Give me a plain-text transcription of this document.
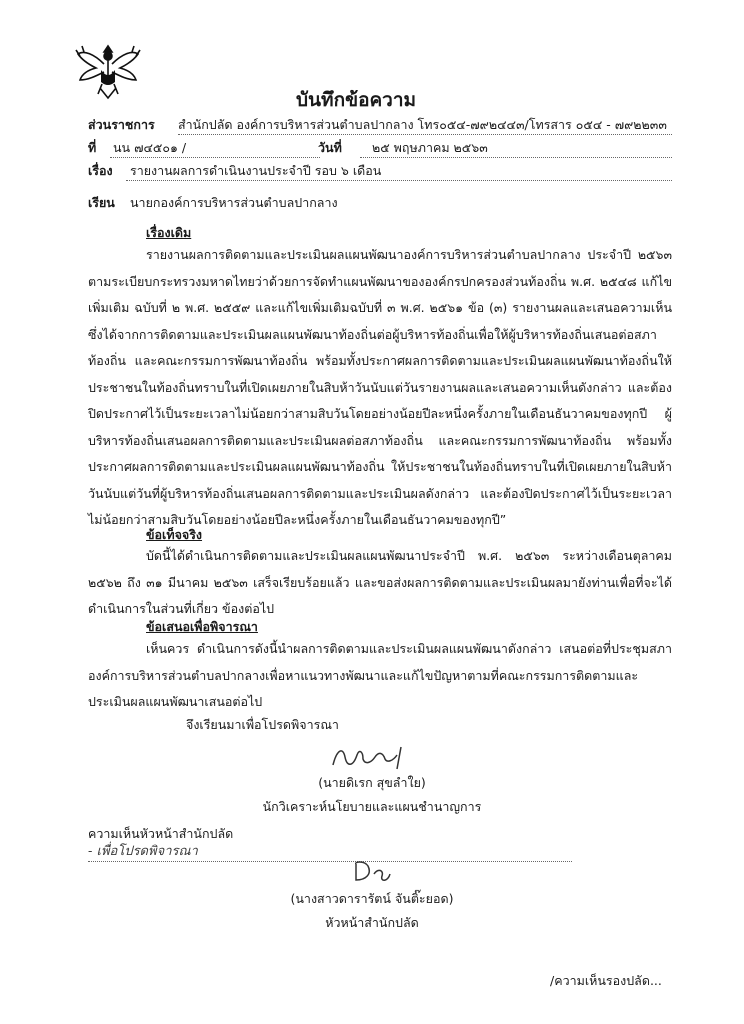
บันทึกข้อความ
ส่วนราชการ สำนักปลัด องค์การบริหารส่วนตำบลปากลาง โทร๐๕๔-๗๙๒๔๔๓/โทรสาร ๐๕๔ - ๗๙๒๒๓๓
ที่ นน ๗๔๕๐๑ /	วันที่ ๒๕ พฤษภาคม ๒๕๖๓
เรื่อง รายงานผลการดำเนินงานประจำปี รอบ ๖ เดือน
เรียน นายกองค์การบริหารส่วนตำบลปากลาง
เรื่องเดิม

รายงานผลการติดตามและประเมินผลแผนพัฒนาองค์การบริหารส่วนตำบลปากลาง ประจำปี ๒๕๖๓ ตามระเบียบกระทรวงมหาดไทยว่าด้วยการจัดทำแผนพัฒนาขององค์กรปกครองส่วนท้องถิ่น พ.ศ. ๒๕๔๘ แก้ไขเพิ่มเติม ฉบับที่ ๒ พ.ศ. ๒๕๕๙ และแก้ไขเพิ่มเติมฉบับที่ ๓ พ.ศ. ๒๕๖๑ ข้อ (๓) รายงานผลและเสนอความเห็นซึ่งได้จากการติดตามและประเมินผลแผนพัฒนาท้องถิ่นต่อผู้บริหารท้องถิ่นเพื่อให้ผู้บริหารท้องถิ่นเสนอต่อสภาท้องถิ่น และคณะกรรมการพัฒนาท้องถิ่น พร้อมทั้งประกาศผลการติดตามและประเมินผลแผนพัฒนาท้องถิ่นให้ประชาชนในท้องถิ่นทราบในที่เปิดเผยภายในสิบห้าวันนับแต่วันรายงานผลและเสนอความเห็นดังกล่าว และต้องปิดประกาศไว้เป็นระยะเวลาไม่น้อยกว่าสามสิบวันโดยอย่างน้อยปีละหนึ่งครั้งภายในเดือนธันวาคมของทุกปี ผู้บริหารท้องถิ่นเสนอผลการติดตามและประเมินผลต่อสภาท้องถิ่น และคณะกรรมการพัฒนาท้องถิ่น พร้อมทั้งประกาศผลการติดตามและประเมินผลแผนพัฒนาท้องถิ่น ให้ประชาชนในท้องถิ่นทราบในที่เปิดเผยภายในสิบห้าวันนับแต่วันที่ผู้บริหารท้องถิ่นเสนอผลการติดตามและประเมินผลดังกล่าว และต้องปิดประกาศไว้เป็นระยะเวลาไม่น้อยกว่าสามสิบวันโดยอย่างน้อยปีละหนึ่งครั้งภายในเดือนธันวาคมของทุกปี”

ข้อเท็จจริง

บัดนี้ได้ดำเนินการติดตามและประเมินผลแผนพัฒนาประจำปี พ.ศ. ๒๕๖๓ ระหว่างเดือนตุลาคม ๒๕๖๒ ถึง ๓๑ มีนาคม ๒๕๖๓ เสร็จเรียบร้อยแล้ว และขอส่งผลการติดตามและประเมินผลมายังท่านเพื่อที่จะได้ดำเนินการในส่วนที่เกี่ยว ข้องต่อไป

ข้อเสนอเพื่อพิจารณา

เห็นควร ดำเนินการดังนี้นำผลการติดตามและประเมินผลแผนพัฒนาดังกล่าว เสนอต่อที่ประชุมสภาองค์การบริหารส่วนตำบลปากลางเพื่อหาแนวทางพัฒนาและแก้ไขปัญหาตามที่คณะกรรมการติดตามและประเมินผลแผนพัฒนาเสนอต่อไป

จึงเรียนมาเพื่อโปรดพิจารณา
(นายดิเรก สุขลำใย)
นักวิเคราะห์นโยบายและแผนชำนาญการ
ความเห็นหัวหน้าสำนักปลัด
- เพื่อโปรดพิจารณา
(นางสาวดารารัตน์ จันติ๊ะยอด)
หัวหน้าสำนักปลัด
/ความเห็นรองปลัด...
